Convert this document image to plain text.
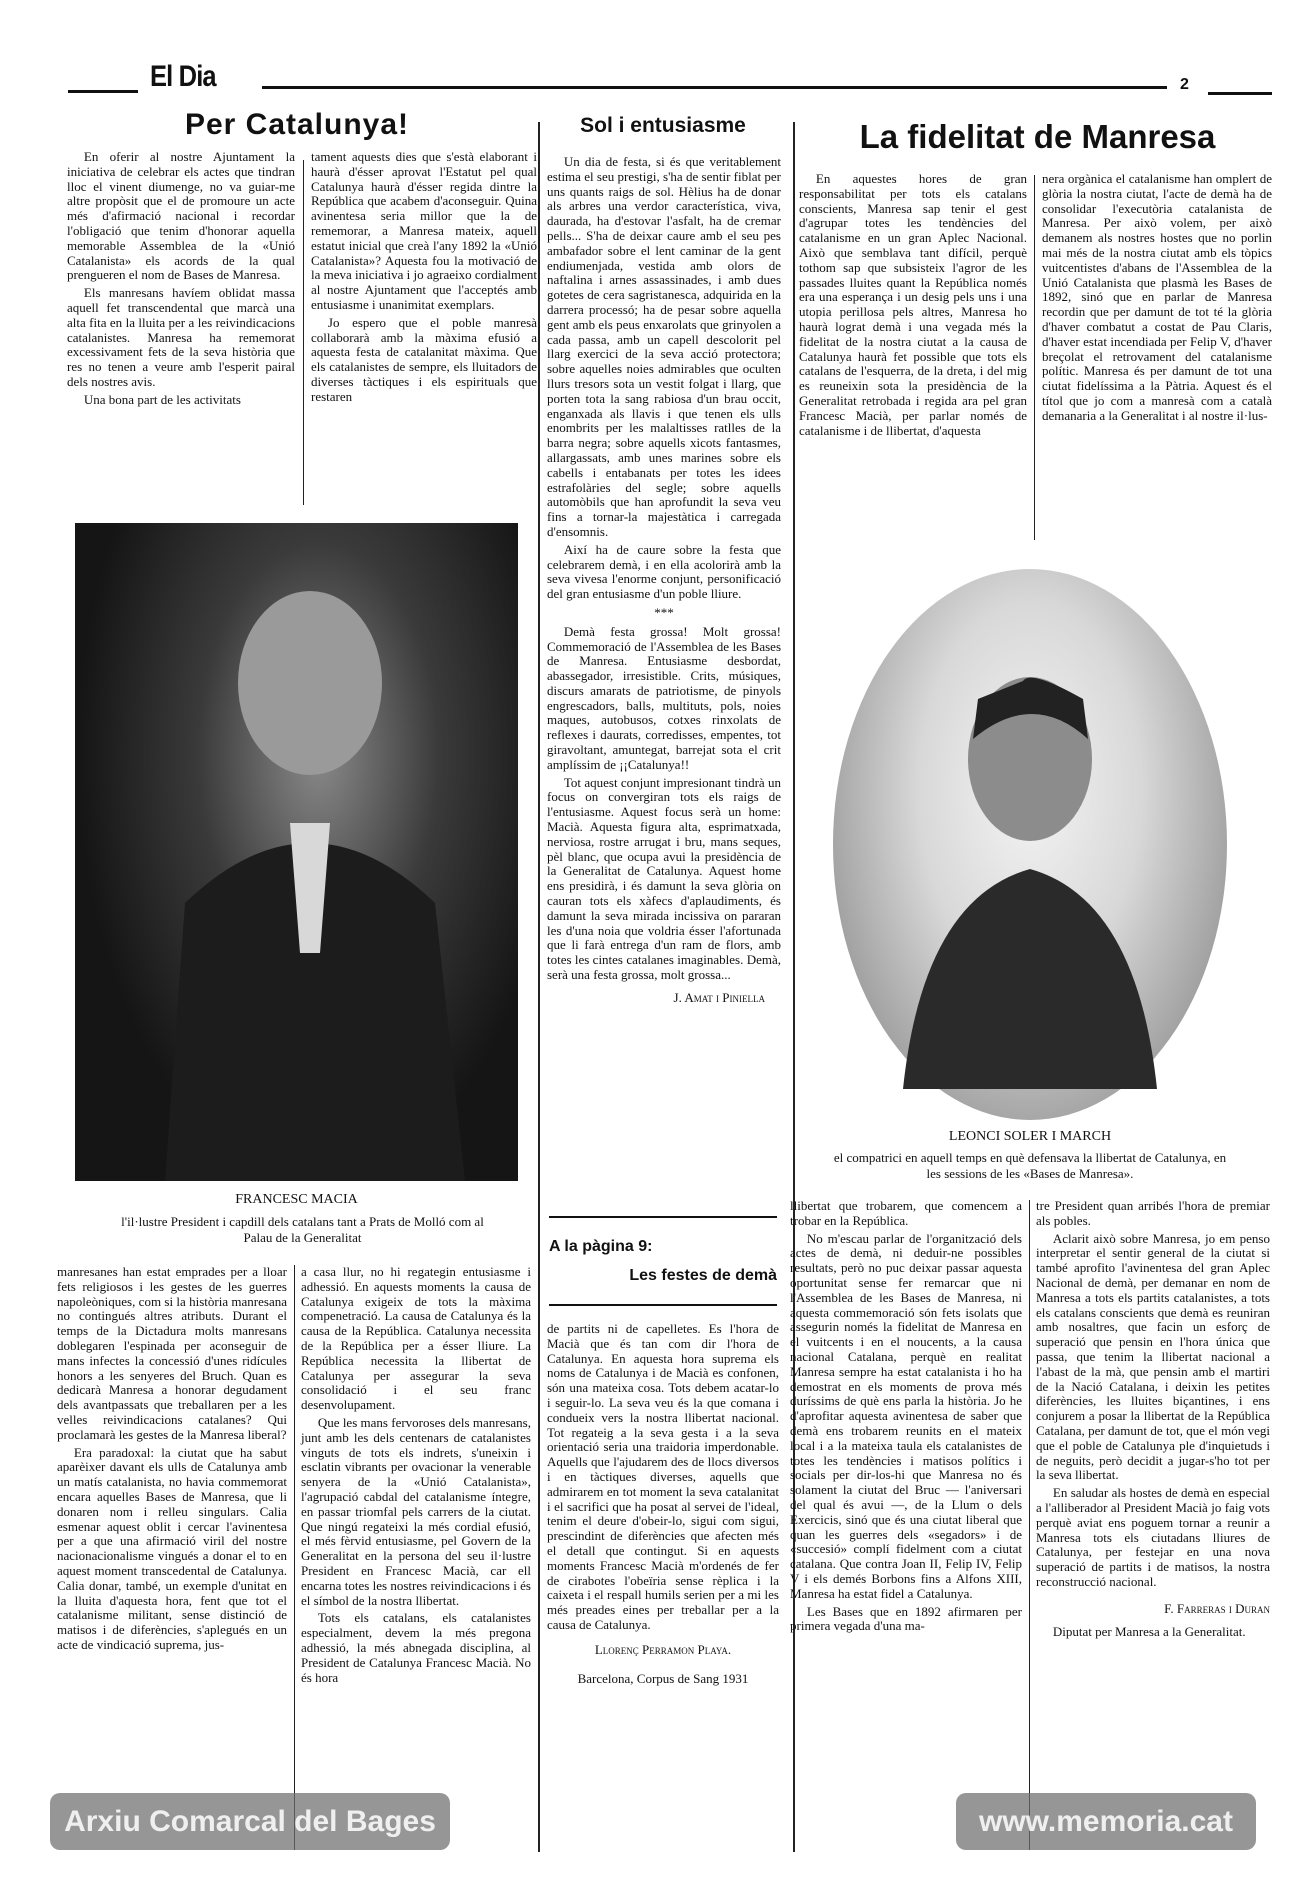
El Dia	2
Per Catalunya!

En oferir al nostre Ajuntament la iniciativa de celebrar els actes que tindran lloc el vinent diumenge, no va guiar-me altre propòsit que el de promoure un acte més d'afirmació nacional i recordar l'obligació que tenim d'honorar aquella memorable Assemblea de la «Unió Catalanista» els acords de la qual prengueren el nom de Bases de Manresa.

Els manresans havíem oblidat massa aquell fet transcendental que marcà una alta fita en la lluita per a les reivindicacions catalanistes. Manresa ha rememorat excessivament fets de la seva història que res no tenen a veure amb l'esperit pairal dels nostres avis.

Una bona part de les activitats

tament aquests dies que s'està elaborant i haurà d'ésser aprovat l'Estatut pel qual Catalunya haurà d'ésser regida dintre la República que acabem d'aconseguir. Quina avinentesa seria millor que la de rememorar, a Manresa mateix, aquell estatut inicial que creà l'any 1892 la «Unió Catalanista»? Aquesta fou la motivació de la meva iniciativa i jo agraeixo cordialment al nostre Ajuntament que l'acceptés amb entusiasme i unanimitat exemplars.

Jo espero que el poble manresà collaborarà amb la màxima efusió a aquesta festa de catalanitat màxima. Que els catalanistes de sempre, els lluitadors de diverses tàctiques i els espirituals que restaren

FRANCESC MACIA
l'il·lustre President i capdill dels catalans tant a Prats de Molló com al Palau de la Generalitat

manresanes han estat emprades per a lloar fets religiosos i les gestes de les guerres napoleòniques, com si la història manresana no contingués altres atributs. Durant el temps de la Dictadura molts manresans doblegaren l'espinada per aconseguir de mans infectes la concessió d'unes ridícules honors a les senyeres del Bruch. Quan es dedicarà Manresa a honorar degudament dels avantpassats que treballaren per a les velles reivindicacions catalanes? Qui proclamarà les gestes de la Manresa liberal?

Era paradoxal: la ciutat que ha sabut aparèixer davant els ulls de Catalunya amb un matís catalanista, no havia commemorat encara aquelles Bases de Manresa, que li donaren nom i relleu singulars. Calia esmenar aquest oblit i cercar l'avinentesa per a que una afirmació viril del nostre nacionacionalisme vingués a donar el to en aquest moment transcedental de Catalunya. Calia donar, també, un exemple d'unitat en la lluita d'aquesta hora, fent que tot el catalanisme militant, sense distinció de matisos i de diferències, s'aplegués en un acte de vindicació suprema, jus-

a casa llur, no hi regategin entusiasme i adhessió. En aquests moments la causa de Catalunya exigeix de tots la màxima compenetració. La causa de Catalunya és la causa de la República. Catalunya necessita de la República per a ésser lliure. La República necessita la llibertat de Catalunya per assegurar la seva consolidació i el seu franc desenvolupament.

Que les mans fervoroses dels manresans, junt amb les dels centenars de catalanistes vinguts de tots els indrets, s'uneixin i esclatin vibrants per ovacionar la venerable senyera de la «Unió Catalanista», l'agrupació cabdal del catalanisme íntegre, en passar triomfal pels carrers de la ciutat. Que ningú regateixi la més cordial efusió, el més fèrvid entusiasme, pel Govern de la Generalitat en la persona del seu il·lustre President en Francesc Macià, car ell encarna totes les nostres reivindicacions i és el símbol de la nostra llibertat.

Tots els catalans, els catalanistes especialment, devem la més pregona adhessió, la més abnegada disciplina, al President de Catalunya Francesc Macià. No és hora

Sol i entusiasme

Un dia de festa, si és que veritablement estima el seu prestigi, s'ha de sentir fiblat per uns quants raigs de sol. Hèlius ha de donar als arbres una verdor característica, viva, daurada, ha d'estovar l'asfalt, ha de cremar pells... S'ha de deixar caure amb el seu pes ambafador sobre el lent caminar de la gent endiumenjada, vestida amb olors de naftalina i arnes assassinades, i amb dues gotetes de cera sagristanesca, adquirida en la darrera processó; ha de pesar sobre aquella gent amb els peus enxarolats que grinyolen a cada passa, amb un capell descolorit pel llarg exercici de la seva acció protectora; sobre aquelles noies admirables que oculten llurs tresors sota un vestit folgat i llarg, que porten tota la sang rabiosa d'un brau occit, enganxada als llavis i que tenen els ulls enombrits per les malaltisses ratlles de la barra negra; sobre aquells xicots fantasmes, allargassats, amb unes marines sobre els cabells i entabanats per totes les idees estrafolàries del segle; sobre aquells automòbils que han aprofundit la seva veu fins a tornar-la majestàtica i carregada d'ensomnis.

Així ha de caure sobre la festa que celebrarem demà, i en ella acolorirà amb la seva vivesa l'enorme conjunt, personificació del gran entusiasme d'un poble lliure.

***

Demà festa grossa! Molt grossa! Commemoració de l'Assemblea de les Bases de Manresa. Entusiasme desbordat, abassegador, irresistible. Crits, músiques, discurs amarats de patriotisme, de pinyols engrescadors, balls, multituts, pols, noies maques, autobusos, cotxes rinxolats de reflexes i daurats, corredisses, empentes, tot giravoltant, amuntegat, barrejat sota el crit amplíssim de ¡¡Catalunya!!

Tot aquest conjunt impresionant tindrà un focus on convergiran tots els raigs de l'entusiasme. Aquest focus serà un home: Macià. Aquesta figura alta, esprimatxada, nerviosa, rostre arrugat i bru, mans seques, pèl blanc, que ocupa avui la presidència de la Generalitat de Catalunya. Aquest home ens presidirà, i és damunt la seva glòria on cauran tots els xàfecs d'aplaudiments, és damunt la seva mirada incissiva on pararan les d'una noia que voldria ésser l'afortunada que li farà entrega d'un ram de flors, amb totes les cintes catalanes imaginables. Demà, serà una festa grossa, molt grossa...

J. Amat i Piniella
A la pàgina 9:
Les festes de demà

de partits ni de capelletes. Es l'hora de Macià que és tan com dir l'hora de Catalunya. En aquesta hora suprema els noms de Catalunya i de Macià es confonen, són una mateixa cosa. Tots debem acatar-lo i seguir-lo. La seva veu és la que comana i condueix vers la nostra llibertat nacional. Tot regateig a la seva gesta i a la seva orientació seria una traidoria imperdonable. Aquells que l'ajudarem des de llocs diversos i en tàctiques diverses, aquells que admirarem en tot moment la seva catalanitat i el sacrifici que ha posat al servei de l'ideal, tenim el deure d'obeir-lo, sigui com sigui, prescindint de diferències que afecten més el detall que contingut. Si en aquests moments Francesc Macià m'ordenés de fer de cirabotes l'obeïria sense rèplica i la caixeta i el respall humils serien per a mi les més preades eines per treballar per a la causa de Catalunya.

Llorenç Perramon Playa.
Barcelona, Corpus de Sang 1931
La fidelitat de Manresa

En aquestes hores de gran responsabilitat per tots els catalans conscients, Manresa sap tenir el gest d'agrupar totes les tendències del catalanisme en un gran Aplec Nacional. Això que semblava tant difícil, perquè tothom sap que subsisteix l'agror de les passades lluites quant la República només era una esperança i un desig pels uns i una utopia perillosa pels altres, Manresa ho haurà lograt demà i una vegada més la fidelitat de la nostra ciutat a la causa de Catalunya haurà fet possible que tots els catalans de l'esquerra, de la dreta, i del mig es reuneixin sota la presidència de la Generalitat retrobada i regida ara pel gran Francesc Macià, per parlar només de catalanisme i de llibertat, d'aquesta

nera orgànica el catalanisme han omplert de glòria la nostra ciutat, l'acte de demà ha de consolidar l'executòria catalanista de Manresa. Per això volem, per això demanem als nostres hostes que no porlin mai més de la nostra ciutat amb els tòpics vuitcentistes d'abans de l'Assemblea de la Unió Catalanista que plasmà les Bases de 1892, sinó que en parlar de Manresa recordin que per damunt de tot té la glòria d'haver combatut a costat de Pau Claris, d'haver estat incendiada per Felip V, d'haver breçolat el retrovament del catalanisme polític. Manresa és per damunt de tot una ciutat fidelíssima a la Pàtria. Aquest és el títol que jo com a manresà com a català demanaria a la Generalitat i al nostre il·lus-

LEONCI SOLER I MARCH
el compatrici en aquell temps en què defensava la llibertat de Catalunya, en les sessions de les «Bases de Manresa».

llibertat que trobarem, que comencem a trobar en la República.

No m'escau parlar de l'organització dels actes de demà, ni deduir-ne possibles resultats, però no puc deixar passar aquesta oportunitat sense fer remarcar que ni l'Assemblea de les Bases de Manresa, ni aquesta commemoració són fets isolats que assegurin només la fidelitat de Manresa en el vuitcents i en el noucents, a la causa nacional Catalana, perquè en realitat Manresa sempre ha estat catalanista i ho ha demostrat en els moments de prova més duríssims de què ens parla la història. Jo he d'aprofitar aquesta avinentesa de saber que demà ens trobarem reunits en el mateix local i a la mateixa taula els catalanistes de totes les tendències i matisos polítics i socials per dir-los-hi que Manresa no és solament la ciutat del Bruc — l'aniversari del qual és avui —, de la Llum o dels Exercicis, sinó que és una ciutat liberal que quan les guerres dels «segadors» i de «succesió» complí fidelment com a ciutat catalana. Que contra Joan II, Felip IV, Felip V i els demés Borbons fins a Alfons XIII, Manresa ha estat fidel a Catalunya.

Les Bases que en 1892 afirmaren per primera vegada d'una ma-

tre President quan arribés l'hora de premiar als pobles.

Aclarit això sobre Manresa, jo em penso interpretar el sentir general de la ciutat si també aprofito l'avinentesa del gran Aplec Nacional de demà, per demanar en nom de Manresa a tots els partits catalanistes, a tots els catalans conscients que demà es reuniran amb nosaltres, que facin un esforç de superació que pensin en l'hora única que passa, que tenim la llibertat nacional a l'abast de la mà, que pensin amb el martiri de la Nació Catalana, i deixin les petites diferències, les lluites biçantines, i ens conjurem a posar la llibertat de la República Catalana, per damunt de tot, que el món vegi que el poble de Catalunya ple d'inquietuds i de neguits, però decidit a jugar-s'ho tot per la seva llibertat.

En saludar als hostes de demà en especial a l'alliberador al President Macià jo faig vots perquè aviat ens poguem tornar a reunir a Manresa tots els ciutadans lliures de Catalunya, per festejar en una nova superació de partits i de matisos, la nostra reconstrucció nacional.

F. Farreras i Duran
Diputat per Manresa a la Generalitat.
Arxiu Comarcal del Bages	www.memoria.cat
